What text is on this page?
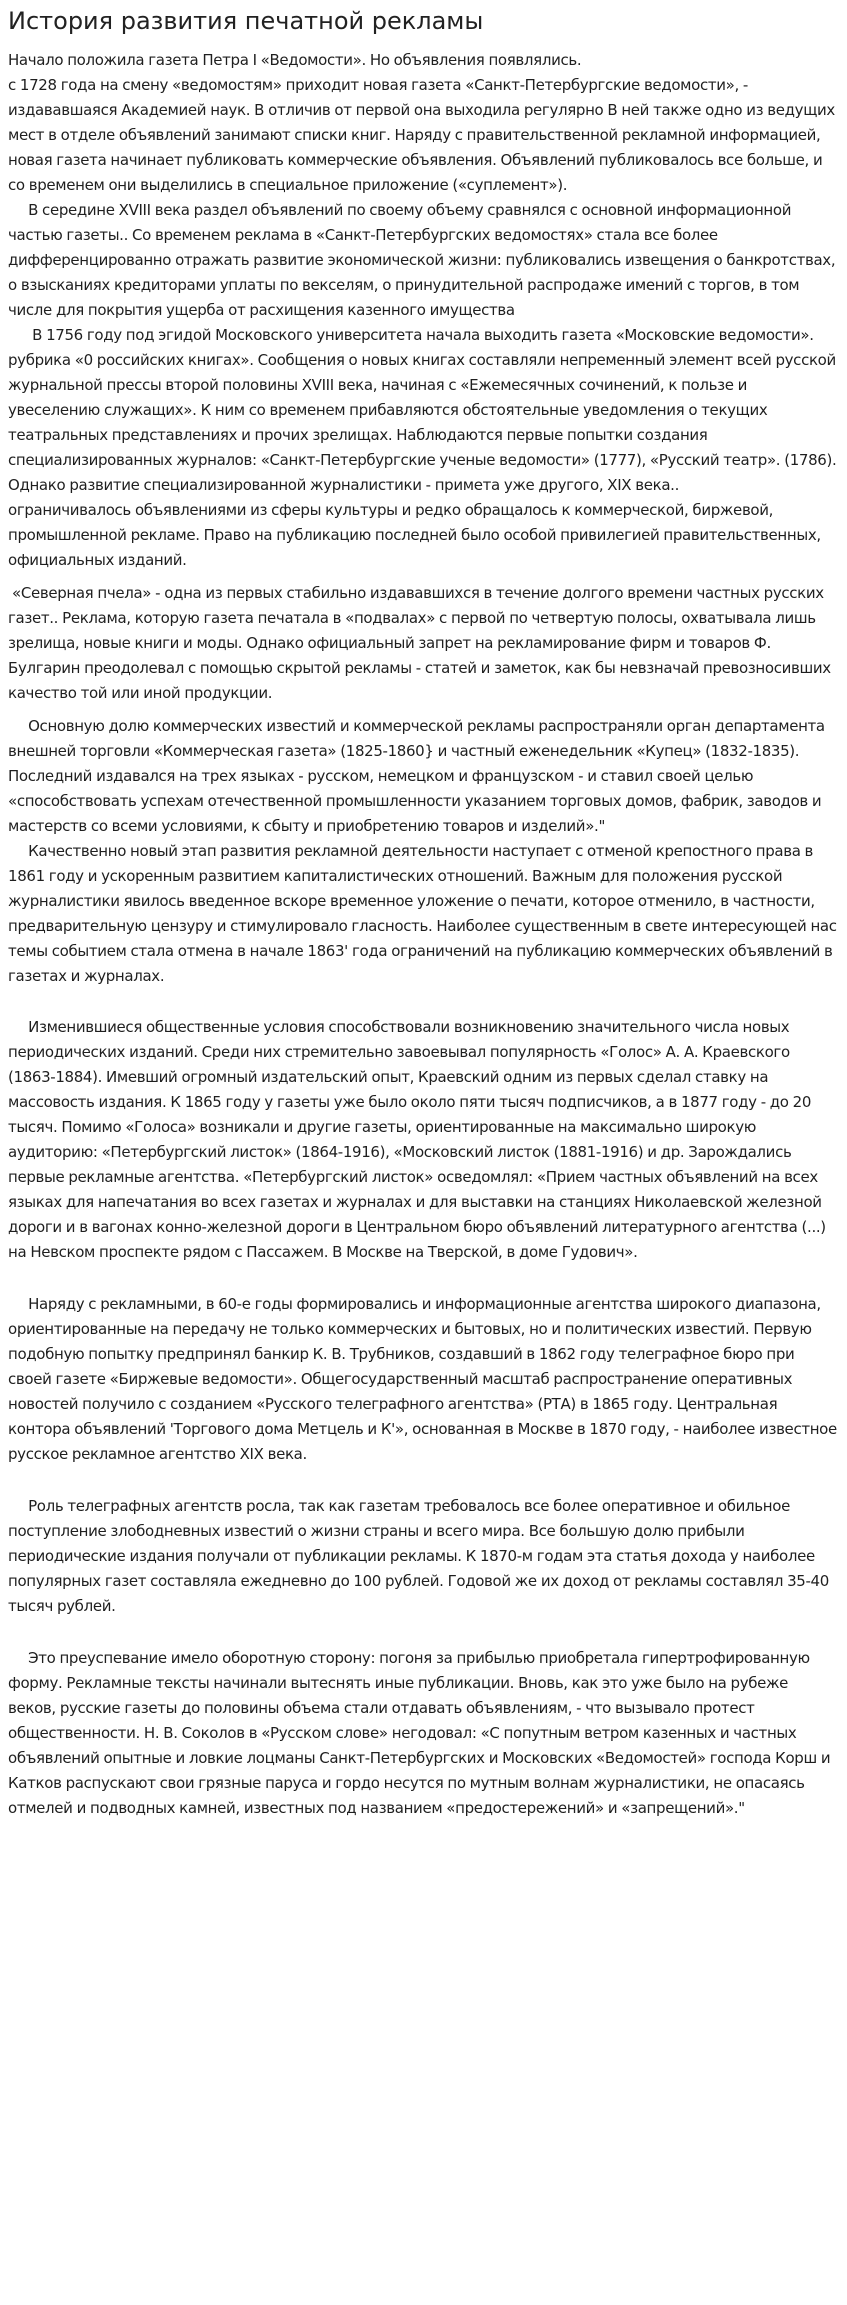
История развития печатной рекламы

Начало положила газета Петра I «Ведомости». Но объявления появлялись.

с 1728 года на смену «ведомостям» приходит новая газета «Санкт-Петербургские ведомости», - издававшаяся Академией наук. В отличив от первой она выходила регулярно В ней также одно из ведущих мест в отделе объявлений занимают списки книг. Наряду с правительственной рекламной информацией, новая газета начинает публиковать коммерческие объявления. Объявлений публиковалось все больше, и со временем они выделились в специальное приложение («суплемент»).

В середине XVIII века раздел объявлений по своему объему сравнялся с основной информационной частью газеты.. Со временем реклама в «Санкт-Петербургских ведомостях» стала все более дифференцированно отражать развитие экономической жизни: публиковались извещения о банкротствах, о взысканиях кредиторами уплаты по векселям, о принудительной распродаже имений с торгов, в том числе для покрытия ущерба от расхищения казенного имущества

В 1756 году под эгидой Московского университета начала выходить газета «Московские ведомости». рубрика «0 российских книгах». Сообщения о новых книгах составляли непременный элемент всей русской журнальной прессы второй половины XVIII века, начиная с «Ежемесячных сочинений, к пользе и увеселению служащих». К ним со временем прибавляются обстоятельные уведомления о текущих театральных представлениях и прочих зрелищах. Наблюдаются первые попытки создания специализированных журналов: «Санкт-Петербургские ученые ведомости» (1777), «Русский театр». (1786). Однако развитие специализированной журналистики - примета уже другого, XIX века..

ограничивалось объявлениями из сферы культуры и редко обращалось к коммерческой, биржевой, промышленной рекламе. Право на публикацию последней было особой привилегией правительственных, официальных изданий.

«Северная пчела» - одна из первых стабильно издававшихся в течение долгого времени частных русских газет.. Реклама, которую газета печатала в «подвалах» с первой по четвертую полосы, охватывала лишь зрелища, новые книги и моды. Однако официальный запрет на рекламирование фирм и товаров Ф. Булгарин преодолевал с помощью скрытой рекламы - статей и заметок, как бы невзначай превозносивших качество той или иной продукции.

Основную долю коммерческих известий и коммерческой рекламы распространяли орган департамента внешней торговли «Коммерческая газета» (1825-1860} и частный еженедельник «Купец» (1832-1835). Последний издавался на трех языках - русском, немецком и французском - и ставил своей целью «способствовать успехам отечественной промышленности указанием торговых домов, фабрик, заводов и мастерств со всеми условиями, к сбыту и приобретению товаров и изделий»."

Качественно новый этап развития рекламной деятельности наступает с отменой крепостного права в 1861 году и ускоренным развитием капиталистических отношений. Важным для положения русской журналистики явилось введенное вскоре временное уложение о печати, которое отменило, в частности, предварительную цензуру и стимулировало гласность. Наиболее существенным в свете интересующей нас темы событием стала отмена в начале 1863' года ограничений на публикацию коммерческих объявлений в газетах и журналах.

Изменившиеся общественные условия способствовали возникновению значительного числа новых периодических изданий. Среди них стремительно завоевывал популярность «Голос» А. А. Краевского (1863-1884). Имевший огромный издательский опыт, Краевский одним из первых сделал ставку на массовость издания. К 1865 году у газеты уже было около пяти тысяч подписчиков, а в 1877 году - до 20 тысяч. Помимо «Голоса» возникали и другие газеты, ориентированные на максимально широкую аудиторию: «Петербургский листок» (1864-1916), «Московский листок (1881-1916) и др. Зарождались первые рекламные агентства. «Петербургский листок» осведомлял: «Прием частных объявлений на всех языках для напечатания во всех газетах и журналах и для выставки на станциях Николаевской железной дороги и в вагонах конно-железной дороги в Центральном бюро объявлений литературного агентства (...) на Невском проспекте рядом с Пассажем. В Москве на Тверской, в доме Гудович».

Наряду с рекламными, в 60-е годы формировались и информационные агентства широкого диапазона, ориентированные на передачу не только коммерческих и бытовых, но и политических известий. Первую подобную попытку предпринял банкир К. В. Трубников, создавший в 1862 году телеграфное бюро при своей газете «Биржевые ведомости». Общегосударственный масштаб распространение оперативных новостей получило с созданием «Русского телеграфного агентства» (РТА) в 1865 году. Центральная контора объявлений 'Торгового дома Метцель и К'», основанная в Москве в 1870 году, - наиболее известное русское рекламное агентство XIX века.

Роль телеграфных агентств росла, так как газетам требовалось все более оперативное и обильное поступление злободневных известий о жизни страны и всего мира. Все большую долю прибыли периодические издания получали от публикации рекламы. К 1870-м годам эта статья дохода у наиболее популярных газет составляла ежедневно до 100 рублей. Годовой же их доход от рекламы составлял 35-40 тысяч рублей.

Это преуспевание имело оборотную сторону: погоня за прибылью приобретала гипертрофированную форму. Рекламные тексты начинали вытеснять иные публикации. Вновь, как это уже было на рубеже веков, русские газеты до половины объема стали отдавать объявлениям, - что вызывало протест общественности. Н. В. Соколов в «Русском слове» негодовал: «С попутным ветром казенных и частных объявлений опытные и ловкие лоцманы Санкт-Петербургских и Московских «Ведомостей» господа Корш и Катков распускают свои грязные паруса и гордо несутся по мутным волнам журналистики, не опасаясь отмелей и подводных камней, известных под названием «предостережений» и «запрещений»."
